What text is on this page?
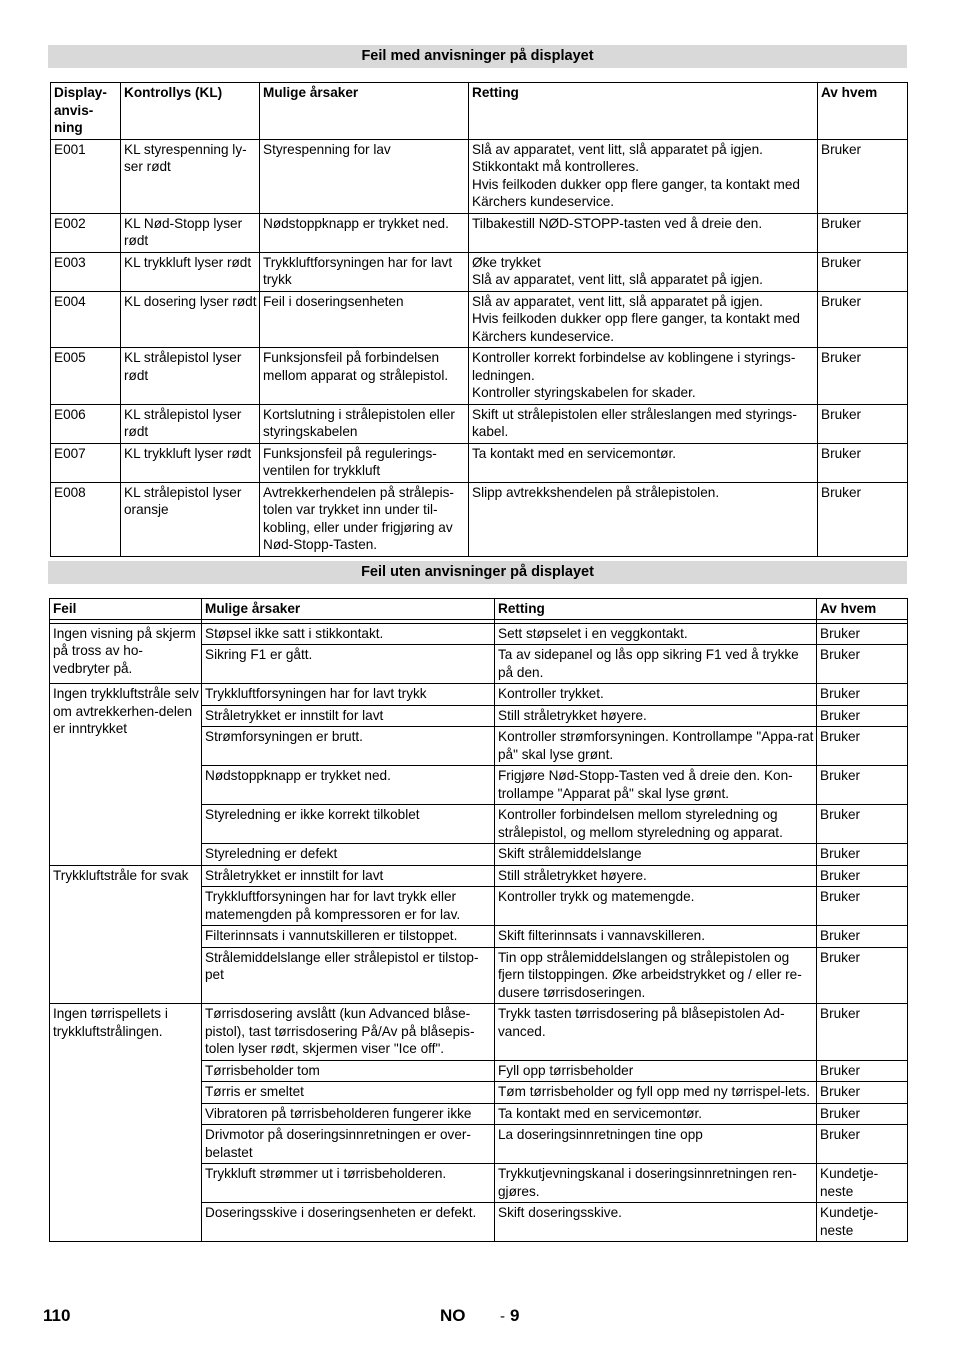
Feil med anvisninger på displayet
Display-
anvis-
ning	Kontrollys (KL)	Mulige årsaker	Retting	Av hvem
E001	KL styrespenning ly-
ser rødt	Styrespenning for lav	Slå av apparatet, vent litt, slå apparatet på igjen.
Stikkontakt må kontrolleres.
Hvis feilkoden dukker opp flere ganger, ta kontakt med Kärchers kundeservice.	Bruker
E002	KL Nød-Stopp lyser rødt	Nødstoppknapp er trykket ned.	Tilbakestill NØD-STOPP-tasten ved å dreie den.	Bruker
E003	KL trykkluft lyser rødt	Trykkluftforsyningen har for lavt trykk	Øke trykket
Slå av apparatet, vent litt, slå apparatet på igjen.	Bruker
E004	KL dosering lyser rødt	Feil i doseringsenheten	Slå av apparatet, vent litt, slå apparatet på igjen.
Hvis feilkoden dukker opp flere ganger, ta kontakt med Kärchers kundeservice.	Bruker
E005	KL strålepistol lyser rødt	Funksjonsfeil på forbindelsen mellom apparat og strålepistol.	Kontroller korrekt forbindelse av koblingene i styrings-ledningen.
Kontroller styringskabelen for skader.	Bruker
E006	KL strålepistol lyser rødt	Kortslutning i strålepistolen eller styringskabelen	Skift ut strålepistolen eller stråleslangen med styrings-kabel.	Bruker
E007	KL trykkluft lyser rødt	Funksjonsfeil på regulerings-ventilen for trykkluft	Ta kontakt med en servicemontør.	Bruker
E008	KL strålepistol lyser oransje	Avtrekkerhendelen på strålepis-tolen var trykket inn under til-kobling, eller under frigjøring av Nød-Stopp-Tasten.	Slipp avtrekkshendelen på strålepistolen.	Bruker
Feil uten anvisninger på displayet
Feil	Mulige årsaker	Retting	Av hvem

Ingen visning på skjerm på tross av ho-vedbryter på.	Støpsel ikke satt i stikkontakt.	Sett støpselet i en veggkontakt.	Bruker
	Sikring F1 er gått.	Ta av sidepanel og lås opp sikring F1 ved å trykke på den.	Bruker
Ingen trykkluftstråle selv om avtrekkerhen-delen er inntrykket	Trykkluftforsyningen har for lavt trykk	Kontroller trykket.	Bruker
	Stråletrykket er innstilt for lavt	Still stråletrykket høyere.	Bruker
	Strømforsyningen er brutt.	Kontroller strømforsyningen. Kontrollampe "Appa-rat på" skal lyse grønt.	Bruker
	Nødstoppknapp er trykket ned.	Frigjøre Nød-Stopp-Tasten ved å dreie den. Kon-trollampe "Apparat på" skal lyse grønt.	Bruker
	Styreledning er ikke korrekt tilkoblet	Kontroller forbindelsen mellom styreledning og strålepistol, og mellom styreledning og apparat.	Bruker
	Styreledning er defekt	Skift strålemiddelslange	Bruker
Trykkluftstråle for svak	Stråletrykket er innstilt for lavt	Still stråletrykket høyere.	Bruker
	Trykkluftforsyningen har for lavt trykk eller matemengden på kompressoren er for lav.	Kontroller trykk og matemengde.	Bruker
	Filterinnsats i vannutskilleren er tilstoppet.	Skift filterinnsats i vannavskilleren.	Bruker
	Strålemiddelslange eller strålepistol er tilstop-pet	Tin opp strålemiddelslangen og strålepistolen og fjern tilstoppingen. Øke arbeidstrykket og / eller re-dusere tørrisdoseringen.	Bruker
Ingen tørrispellets i trykkluftstrålingen.	Tørrisdosering avslått (kun Advanced blåse-pistol), tast tørrisdosering På/Av på blåsepis-tolen lyser rødt, skjermen viser "Ice off".	Trykk tasten tørrisdosering på blåsepistolen Ad-vanced.	Bruker
	Tørrisbeholder tom	Fyll opp tørrisbeholder	Bruker
	Tørris er smeltet	Tøm tørrisbeholder og fyll opp med ny tørrispel-lets.	Bruker
	Vibratoren på tørrisbeholderen fungerer ikke	Ta kontakt med en servicemontør.	Bruker
	Drivmotor på doseringsinnretningen er over-belastet	La doseringsinnretningen tine opp	Bruker
	Trykkluft strømmer ut i tørrisbeholderen.	Trykkutjevningskanal i doseringsinnretningen ren-gjøres.	Kundetje-neste
	Doseringsskive i doseringsenheten er defekt.	Skift doseringsskive.	Kundetje-neste
110	NO - 9
